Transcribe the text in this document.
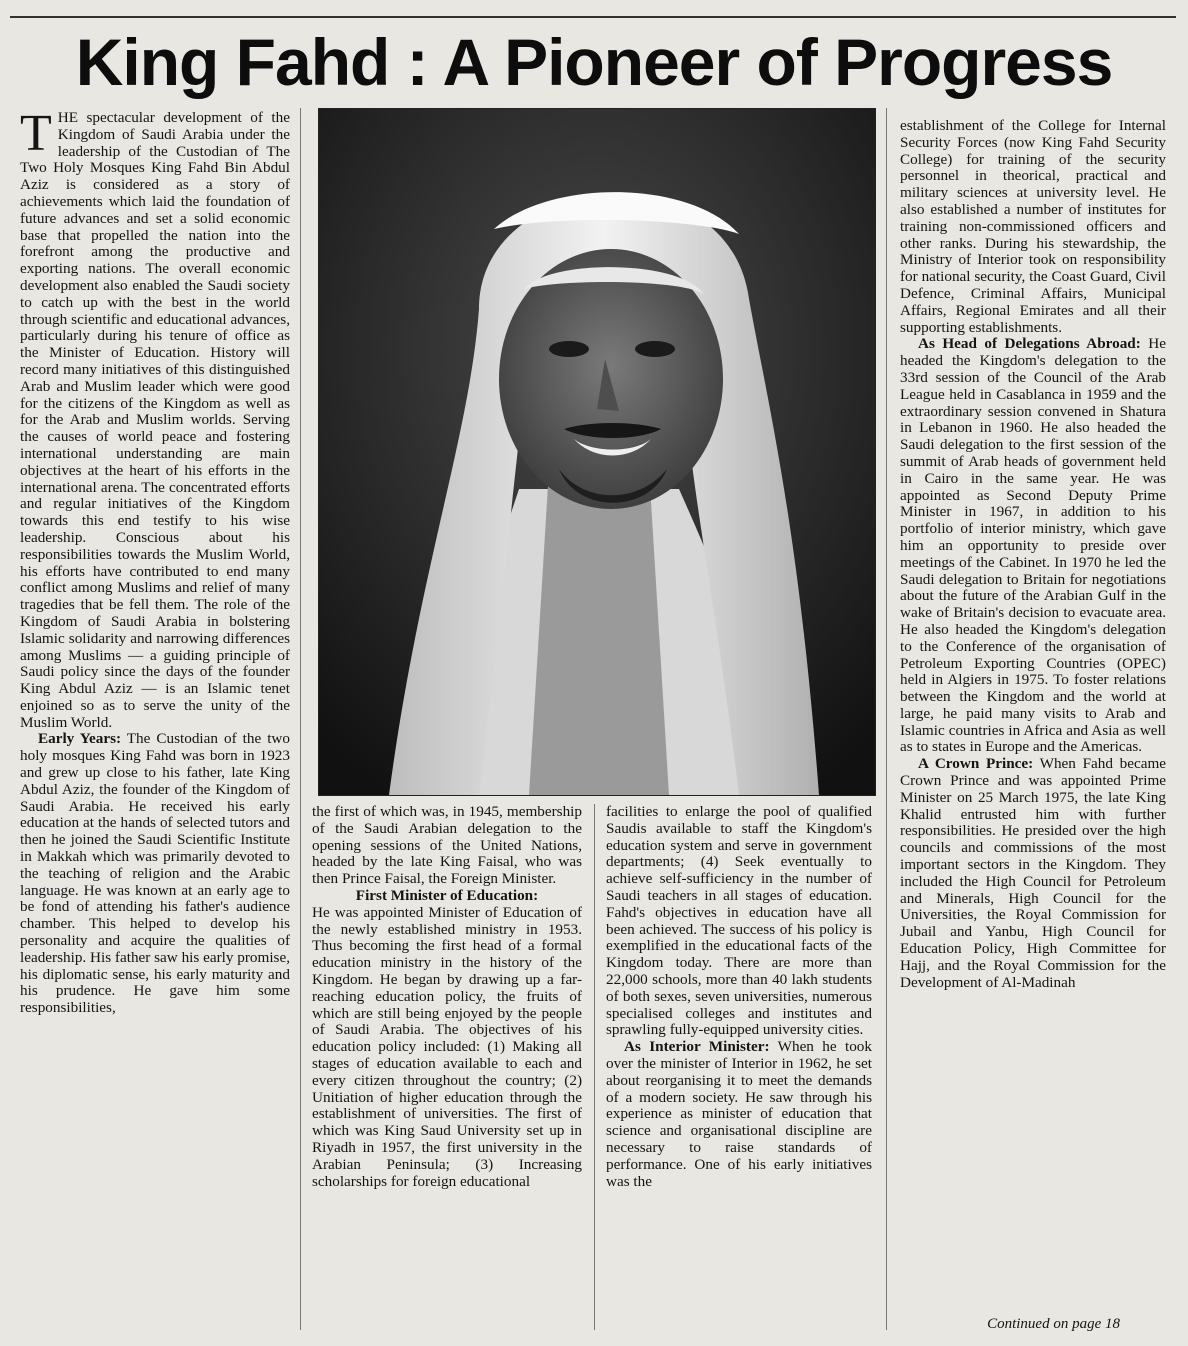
King Fahd : A Pioneer of Progress
T HE spectacular development of the Kingdom of Saudi Arabia under the leadership of the Custodian of The Two Holy Mosques King Fahd Bin Abdul Aziz is considered as a story of achievements which laid the foundation of future advances and set a solid economic base that propelled the nation into the forefront among the productive and exporting nations. The overall economic development also enabled the Saudi society to catch up with the best in the world through scientific and educational advances, particularly during his tenure of office as the Minister of Education. History will record many initiatives of this distinguished Arab and Muslim leader which were good for the citizens of the Kingdom as well as for the Arab and Muslim worlds. Serving the causes of world peace and fostering international understanding are main objectives at the heart of his efforts in the international arena. The concentrated efforts and regular initiatives of the Kingdom towards this end testify to his wise leadership. Conscious about his responsibilities towards the Muslim World, his efforts have contributed to end many conflict among Muslims and relief of many tragedies that be fell them. The role of the Kingdom of Saudi Arabia in bolstering Islamic solidarity and narrowing differences among Muslims — a guiding principle of Saudi policy since the days of the founder King Abdul Aziz — is an Islamic tenet enjoined so as to serve the unity of the Muslim World.

Early Years: The Custodian of the two holy mosques King Fahd was born in 1923 and grew up close to his father, late King Abdul Aziz, the founder of the Kingdom of Saudi Arabia. He received his early education at the hands of selected tutors and then he joined the Saudi Scientific Institute in Makkah which was primarily devoted to the teaching of religion and the Arabic language. He was known at an early age to be fond of attending his father's audience chamber. This helped to develop his personality and acquire the qualities of leadership. His father saw his early promise, his diplomatic sense, his early maturity and his prudence. He gave him some responsibilities,

the first of which was, in 1945, membership of the Saudi Arabian delegation to the opening sessions of the United Nations, headed by the late King Faisal, who was then Prince Faisal, the Foreign Minister.

First Minister of Education:

He was appointed Minister of Education of the newly established ministry in 1953. Thus becoming the first head of a formal education ministry in the history of the Kingdom. He began by drawing up a far-reaching education policy, the fruits of which are still being enjoyed by the people of Saudi Arabia. The objectives of his education policy included: (1) Making all stages of education available to each and every citizen throughout the country; (2) Unitiation of higher education through the establishment of universities. The first of which was King Saud University set up in Riyadh in 1957, the first university in the Arabian Peninsula; (3) Increasing scholarships for foreign educational

facilities to enlarge the pool of qualified Saudis available to staff the Kingdom's education system and serve in government departments; (4) Seek eventually to achieve self-sufficiency in the number of Saudi teachers in all stages of education. Fahd's objectives in education have all been achieved. The success of his policy is exemplified in the educational facts of the Kingdom today. There are more than 22,000 schools, more than 40 lakh students of both sexes, seven universities, numerous specialised colleges and institutes and sprawling fully-equipped university cities.

As Interior Minister: When he took over the minister of Interior in 1962, he set about reorganising it to meet the demands of a modern society. He saw through his experience as minister of education that science and organisational discipline are necessary to raise standards of performance. One of his early initiatives was the

establishment of the College for Internal Security Forces (now King Fahd Security College) for training of the security personnel in theorical, practical and military sciences at university level. He also established a number of institutes for training non-commissioned officers and other ranks. During his stewardship, the Ministry of Interior took on responsibility for national security, the Coast Guard, Civil Defence, Criminal Affairs, Municipal Affairs, Regional Emirates and all their supporting establishments.

As Head of Delegations Abroad: He headed the Kingdom's delegation to the 33rd session of the Council of the Arab League held in Casablanca in 1959 and the extraordinary session convened in Shatura in Lebanon in 1960. He also headed the Saudi delegation to the first session of the summit of Arab heads of government held in Cairo in the same year. He was appointed as Second Deputy Prime Minister in 1967, in addition to his portfolio of interior ministry, which gave him an opportunity to preside over meetings of the Cabinet. In 1970 he led the Saudi delegation to Britain for negotiations about the future of the Arabian Gulf in the wake of Britain's decision to evacuate area. He also headed the Kingdom's delegation to the Conference of the organisation of Petroleum Exporting Countries (OPEC) held in Algiers in 1975. To foster relations between the Kingdom and the world at large, he paid many visits to Arab and Islamic countries in Africa and Asia as well as to states in Europe and the Americas.

A Crown Prince: When Fahd became Crown Prince and was appointed Prime Minister on 25 March 1975, the late King Khalid entrusted him with further responsibilities. He presided over the high councils and commissions of the most important sectors in the Kingdom. They included the High Council for Petroleum and Minerals, High Council for the Universities, the Royal Commission for Jubail and Yanbu, High Council for Education Policy, High Committee for Hajj, and the Royal Commission for the Development of Al-Madinah

Continued on page 18
